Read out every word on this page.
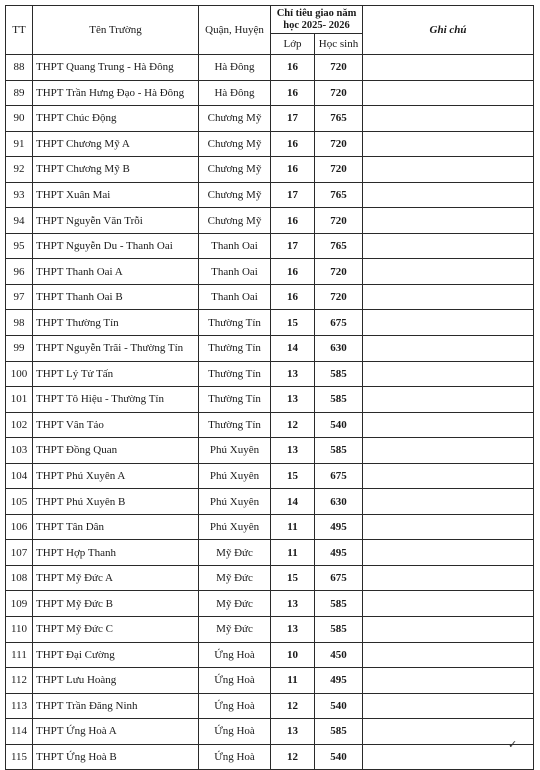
TT	Tên Trường	Quận, Huyện	Chỉ tiêu giao năm
học 2025- 2026		Ghi chú
			Lớp	Học sinh	
88	THPT Quang Trung - Hà Đông	Hà Đông	16	720	
89	THPT Trần Hưng Đạo - Hà Đông	Hà Đông	16	720	
90	THPT Chúc Động	Chương Mỹ	17	765	
91	THPT Chương Mỹ A	Chương Mỹ	16	720	
92	THPT Chương Mỹ B	Chương Mỹ	16	720	
93	THPT Xuân Mai	Chương Mỹ	17	765	
94	THPT Nguyễn Văn Trỗi	Chương Mỹ	16	720	
95	THPT Nguyễn Du - Thanh Oai	Thanh Oai	17	765	
96	THPT Thanh Oai A	Thanh Oai	16	720	
97	THPT Thanh Oai B	Thanh Oai	16	720	
98	THPT Thường Tín	Thường Tín	15	675	
99	THPT Nguyễn Trãi - Thường Tín	Thường Tín	14	630	
100	THPT Lý Tử Tấn	Thường Tín	13	585	
101	THPT Tô Hiệu - Thường Tín	Thường Tín	13	585	
102	THPT Vân Tảo	Thường Tín	12	540	
103	THPT Đồng Quan	Phú Xuyên	13	585	
104	THPT Phú Xuyên A	Phú Xuyên	15	675	
105	THPT Phú Xuyên B	Phú Xuyên	14	630	
106	THPT Tân Dân	Phú Xuyên	11	495	
107	THPT Hợp Thanh	Mỹ Đức	11	495	
108	THPT Mỹ Đức A	Mỹ Đức	15	675	
109	THPT Mỹ Đức B	Mỹ Đức	13	585	
110	THPT Mỹ Đức C	Mỹ Đức	13	585	
111	THPT Đại Cường	Ứng Hoà	10	450	
112	THPT Lưu Hoàng	Ứng Hoà	11	495	
113	THPT Trần Đăng Ninh	Ứng Hoà	12	540	
114	THPT Ứng Hoà A	Ứng Hoà	13	585	
115	THPT Ứng Hoà B	Ứng Hoà	12	540	
✓
